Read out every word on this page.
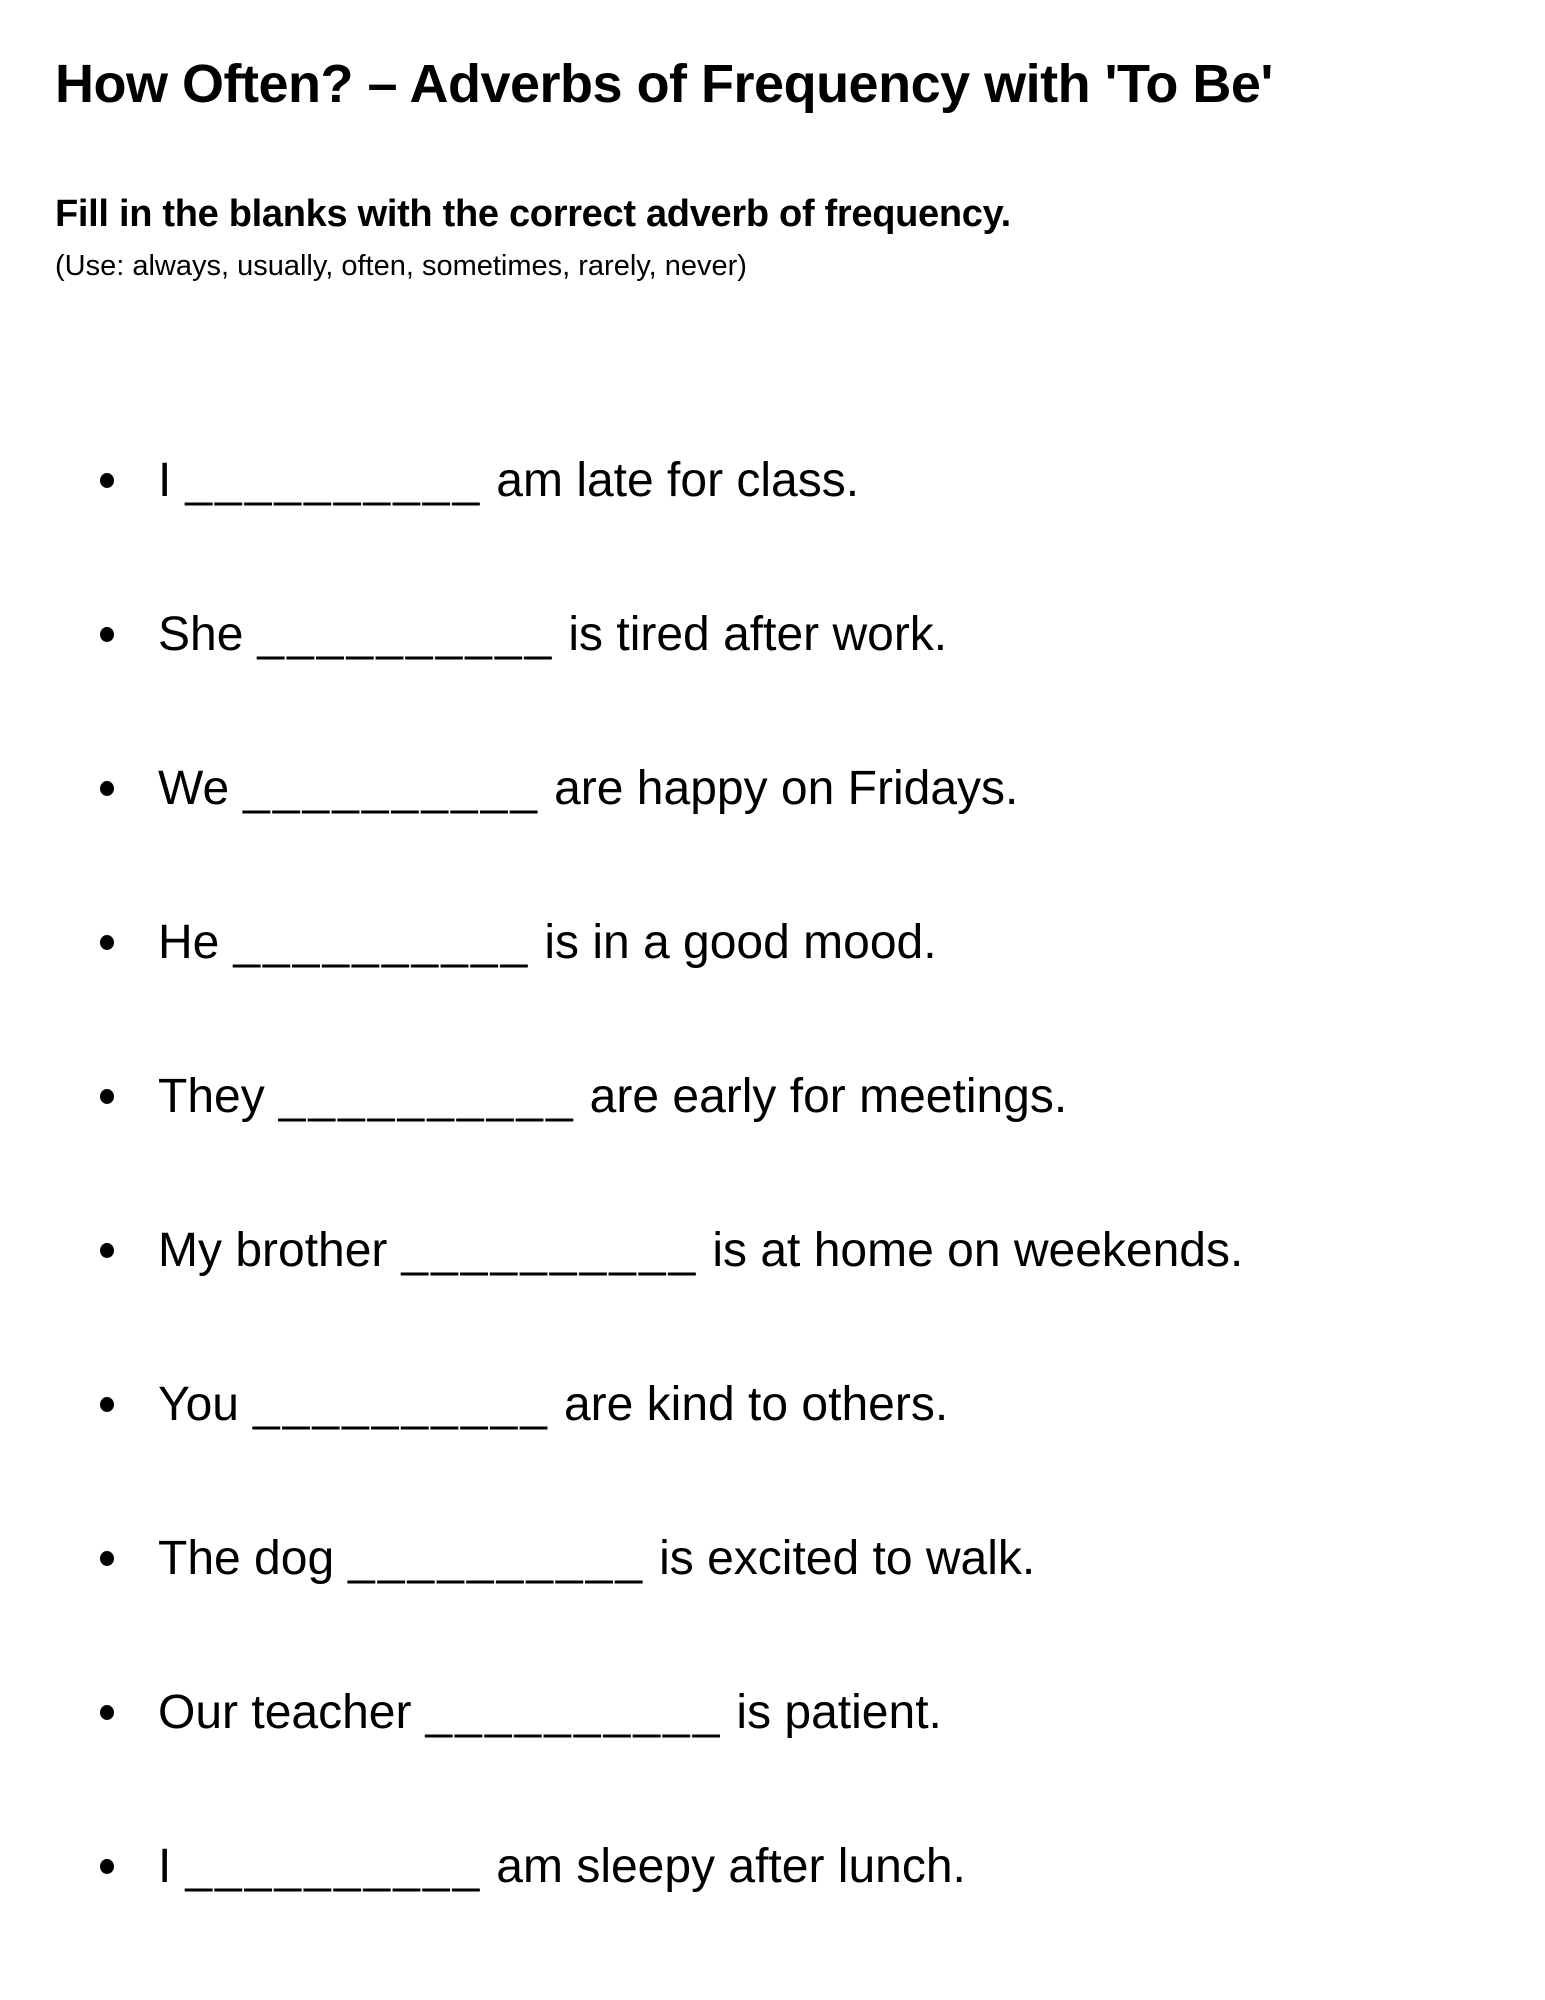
How Often? – Adverbs of Frequency with 'To Be'

Fill in the blanks with the correct adverb of frequency.

(Use: always, usually, often, sometimes, rarely, never)

I __________ am late for class.
She __________ is tired after work.
We __________ are happy on Fridays.
He __________ is in a good mood.
They __________ are early for meetings.
My brother __________ is at home on weekends.
You __________ are kind to others.
The dog __________ is excited to walk.
Our teacher __________ is patient.
I __________ am sleepy after lunch.
